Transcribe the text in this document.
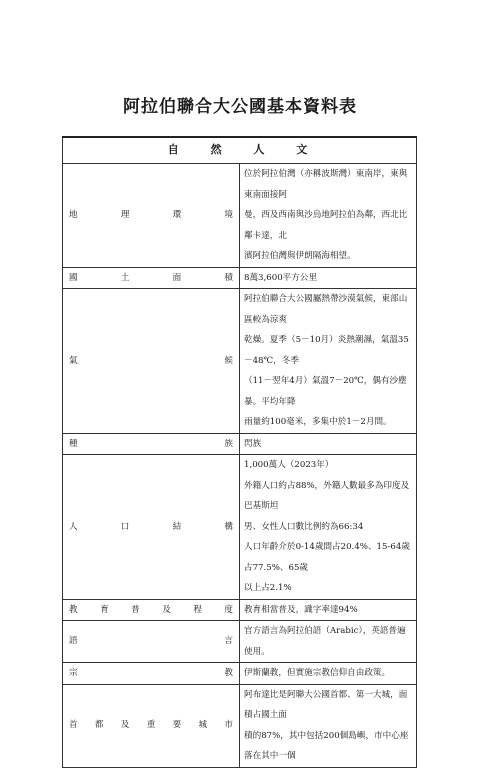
阿拉伯聯合大公國基本資料表
自 然 人 文	
地理環境	位於阿拉伯灣（亦稱波斯灣）東南岸，東與東南面接阿
曼，西及西南與沙烏地阿拉伯為鄰，西北比鄰卡達，北
濱阿拉伯灣與伊朗隔海相望。

國土面積	8萬3,600平方公里

氣候	阿拉伯聯合大公國屬熱帶沙漠氣候，東部山區較為涼爽
乾燥。夏季（5－10月）炎熱潮濕，氣溫35－48℃，冬季
（11－翌年4月）氣溫7－20℃，偶有沙塵暴。平均年降
雨量約100毫米，多集中於1－2月間。

種族	閃族

人口結構	1,000萬人（2023年）
外籍人口約占88%，外籍人數最多為印度及巴基斯坦
男、女性人口數比例約為66:34
人口年齡介於0-14歲間占20.4%、15-64歲占77.5%、65歲
以上占2.1%

教育普及程度	教育相當普及，識字率達94%

語言	官方語言為阿拉伯語（Arabic），英語普遍使用。

宗教	伊斯蘭教，但實施宗教信仰自由政策。

首都及重要城市	阿布達比是阿聯大公國首都、第一大城，面積占國土面
積的87%，其中包括200個島嶼，市中心座落在其中一個
